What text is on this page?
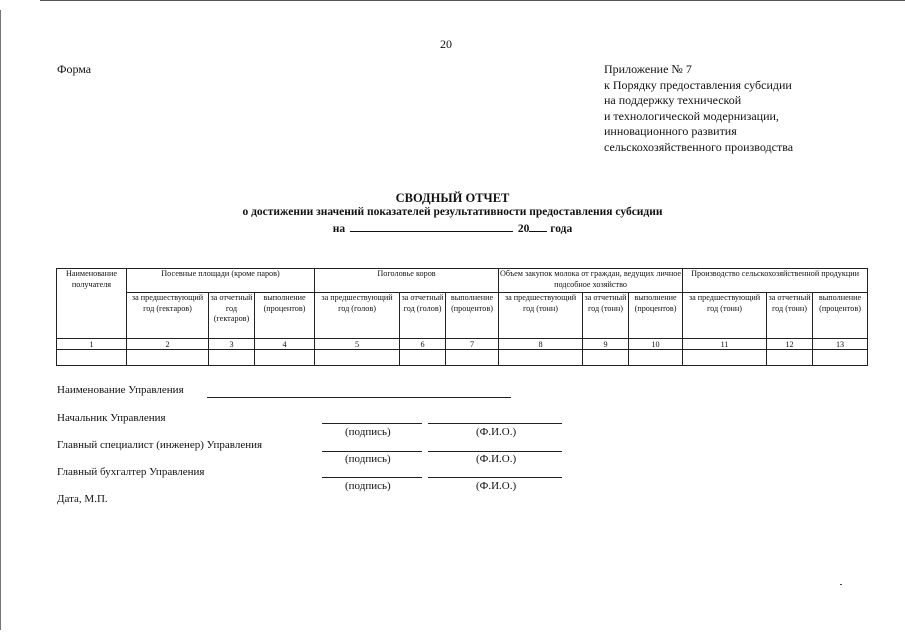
20
Форма	Приложение № 7
к Порядку предоставления субсидии
на поддержку технической
и технологической модернизации,
инновационного развития
сельскохозяйственного производства
СВОДНЫЙ ОТЧЕТ
о достижении значений показателей результативности предоставления субсидии
на	20 года
Наименование получателя	Посевные площади (кроме паров)			Поголовье коров			Объем закупок молока от граждан, ведущих личное подсобное хозяйство			Производство сельскохозяйственной продукции		
	за предшествующий год (гектаров)	за отчетный год (гектаров)	выполнение (процентов)	за предшествующий год (голов)	за отчетный год (голов)	выполнение (процентов)	за предшествующий год (тонн)	за отчетный год (тонн)	выполнение (процентов)	за предшествующий год (тонн)	за отчетный год (тонн)	выполнение (процентов)
1	2	3	4	5	6	7	8	9	10	11	12	13

Наименование Управления
Начальник Управления
(подпись)	(Ф.И.О.)
Главный специалист (инженер) Управления
(подпись)	(Ф.И.О.)
Главный бухгалтер Управления
(подпись)	(Ф.И.О.)
Дата, М.П.
